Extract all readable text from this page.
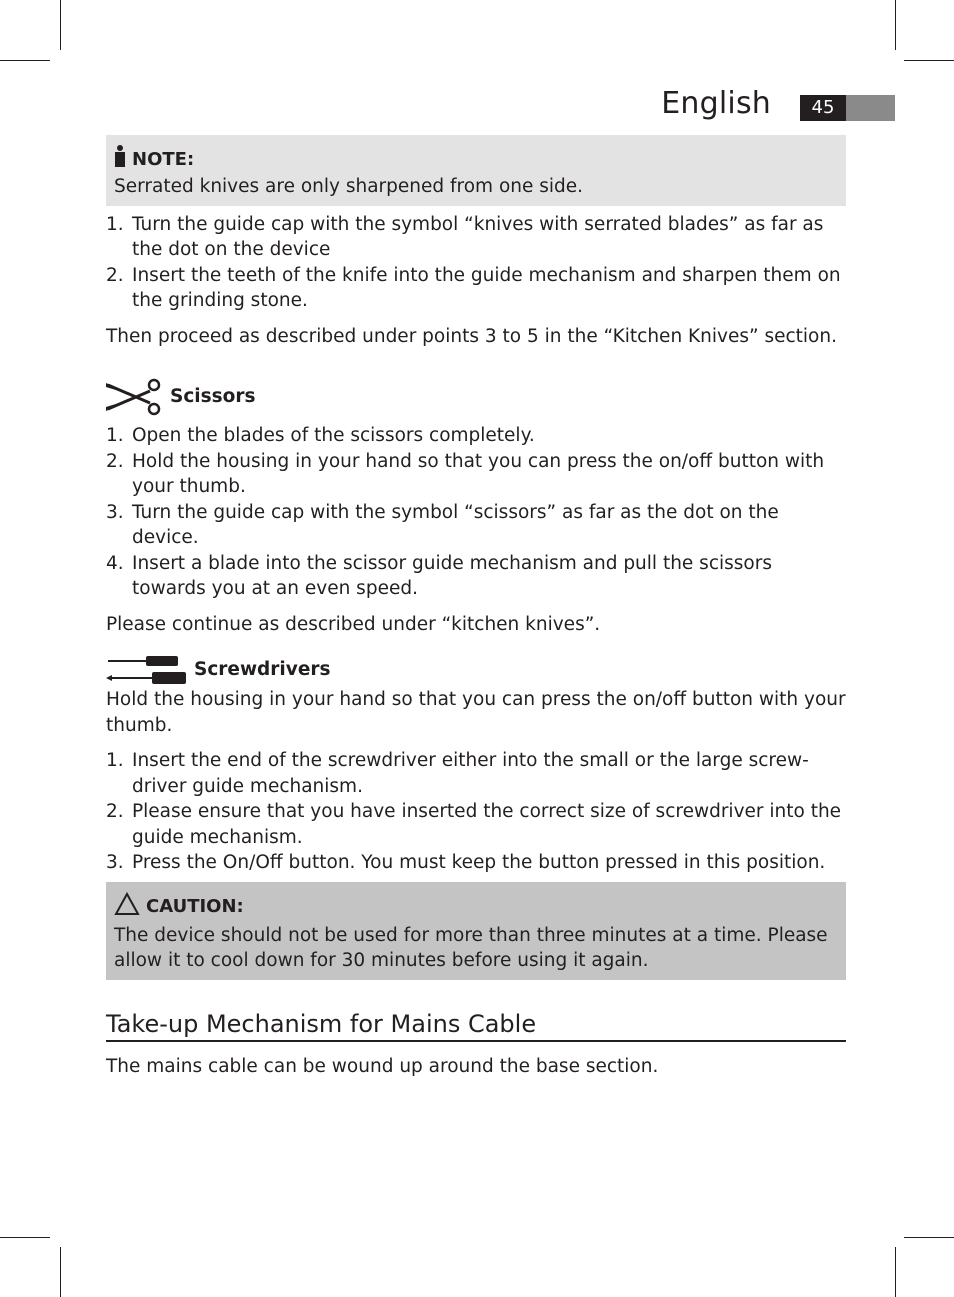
English	45
NOTE:

Serrated knives are only sharpened from one side.

1. Turn the guide cap with the symbol “knives with serrated blades” as far as the dot on the device
2. Insert the teeth of the knife into the guide mechanism and sharpen them on the grinding stone.

Then proceed as described under points 3 to 5 in the “Kitchen Knives” section.

Scissors
1. Open the blades of the scissors completely.
2. Hold the housing in your hand so that you can press the on/off button with your thumb.
3. Turn the guide cap with the symbol “scissors” as far as the dot on the device.
4. Insert a blade into the scissor guide mechanism and pull the scissors towards you at an even speed.

Please continue as described under “kitchen knives”.

Screwdrivers

Hold the housing in your hand so that you can press the on/off button with your thumb.

1. Insert the end of the screwdriver either into the small or the large screw-driver guide mechanism.
2. Please ensure that you have inserted the correct size of screwdriver into the guide mechanism.
3. Press the On/Off button. You must keep the button pressed in this position.
CAUTION:

The device should not be used for more than three minutes at a time. Please allow it to cool down for 30 minutes before using it again.

Take-up Mechanism for Mains Cable

The mains cable can be wound up around the base section.
